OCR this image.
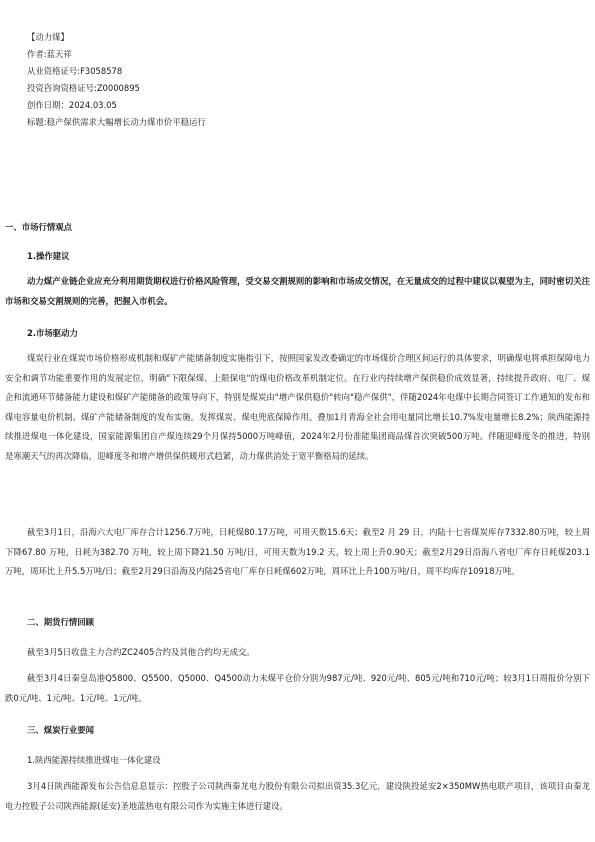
【动力煤】
作者:蓝天祥
从业资格证号:F3058578
投资咨询资格证号:Z0000895
创作日期：2024.03.05
标题:稳产保供需求大幅增长动力煤市价平稳运行
一、市场行情观点
1.操作建议

动力煤产业链企业应充分利用期货期权进行价格风险管理，受交易交割规则的影响和市场成交情况，在无量成交的过程中建议以观望为主，同时密切关注市场和交易交割规则的完善，把握入市机会。

2.市场驱动力

煤炭行业在煤炭市场价格形成机制和煤矿产能储备制度实施指引下，按照国家发改委确定的市场煤价合理区间运行的具体要求，明确煤电将承担保障电力安全和调节功能重要作用的发展定位，明确"下限保煤、上限保电"的煤电价格改革机制定位。在行业内持续增产保供稳价成效显著，持续提升政府、电厂、煤企和流通环节储备能力建设和煤矿产能储备的政策导向下，特别是煤炭由"增产保供稳价"转向"稳产保供"，伴随2024年电煤中长期合同签订工作通知的发布和煤电容量电价机制、煤矿产能储备制度的发布实施。发挥煤炭、煤电兜底保障作用。叠加1月青海全社会用电量同比增长10.7%发电量增长8.2%；陕西能源持续推进煤电一体化建设，国家能源集团自产煤连续29个月保持5000万吨峰值，2024年2月份准能集团商品煤首次突破500万吨。伴随迎峰度冬的推进，特别是寒潮天气的再次降临，迎峰度冬和增产增供保供暖形式趋紧，动力煤供消处于宽平衡格局的延续。

截至3月1日，沿海六大电厂库存合计1256.7万吨，日耗煤80.17万吨，可用天数15.6天；截至2 月 29 日，内陆十七省煤炭库存7332.80万吨，较上周下降67.80 万吨，日耗为382.70 万吨，较上周下降21.50 万吨/日，可用天数为19.2 天，较上周上升0.90天；截至2月29日沿海八省电厂库存日耗煤203.1万吨，周环比上升5.5万吨/日；截至2月29日沿海及内陆25省电厂库存日耗煤602万吨，周环比上升100万吨/日，周平均库存10918万吨。

二、期货行情回顾
截至3月5日收盘主力合约ZC2405合约及其他合约均无成交。

截至3月4日秦皇岛港Q5800、Q5500、Q5000、Q4500动力末煤平仓价分别为987元/吨、920元/吨、805元/吨和710元/吨；较3月1日周报价分别下跌0元/吨、1元/吨、1元/吨、1元/吨。

三、煤炭行业要闻
1.陕西能源持续推进煤电一体化建设

3月4日陕西能源发布公告信息息显示：控股子公司陕西秦龙电力股份有限公司拟出资35.3亿元，建设陕投延安2×350MW热电联产项目，该项目由秦龙电力控股子公司陕西能源(延安)圣地蓝热电有限公司作为实施主体进行建设。
